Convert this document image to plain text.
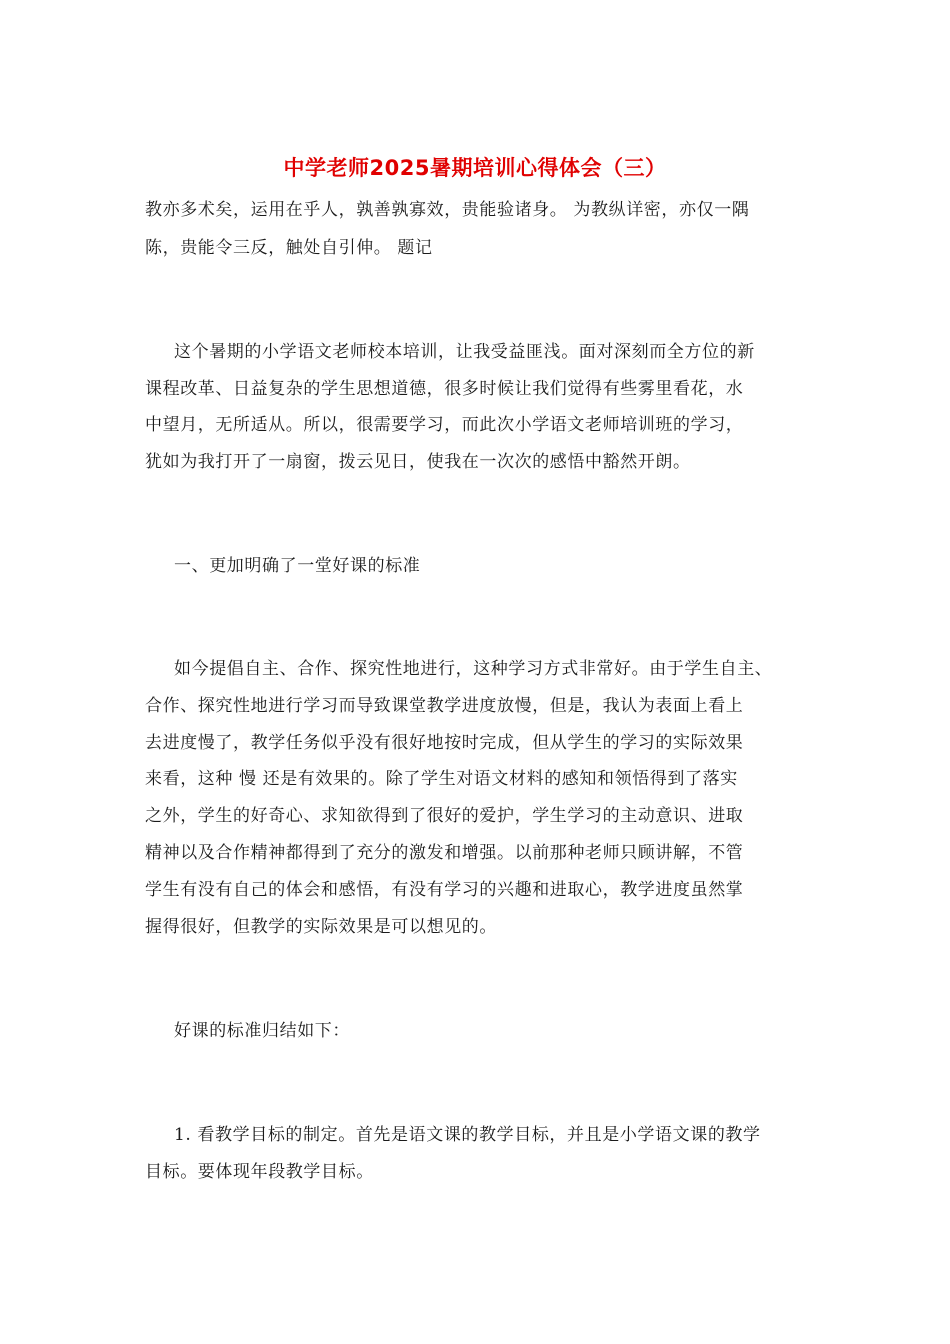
中学老师2025暑期培训心得体会（三）
教亦多术矣，运用在乎人，孰善孰寡效，贵能验诸身。 为教纵详密，亦仅一隅
陈，贵能令三反，触处自引伸。 题记
这个暑期的小学语文老师校本培训，让我受益匪浅。面对深刻而全方位的新
课程改革、日益复杂的学生思想道德，很多时候让我们觉得有些雾里看花，水
中望月，无所适从。所以，很需要学习，而此次小学语文老师培训班的学习，
犹如为我打开了一扇窗，拨云见日，使我在一次次的感悟中豁然开朗。
一、更加明确了一堂好课的标准
如今提倡自主、合作、探究性地进行，这种学习方式非常好。由于学生自主、
合作、探究性地进行学习而导致课堂教学进度放慢，但是，我认为表面上看上
去进度慢了，教学任务似乎没有很好地按时完成，但从学生的学习的实际效果
来看，这种 慢 还是有效果的。除了学生对语文材料的感知和领悟得到了落实
之外，学生的好奇心、求知欲得到了很好的爱护，学生学习的主动意识、进取
精神以及合作精神都得到了充分的激发和增强。以前那种老师只顾讲解，不管
学生有没有自己的体会和感悟，有没有学习的兴趣和进取心，教学进度虽然掌
握得很好，但教学的实际效果是可以想见的。
好课的标准归结如下：
1. 看教学目标的制定。首先是语文课的教学目标，并且是小学语文课的教学
目标。要体现年段教学目标。
